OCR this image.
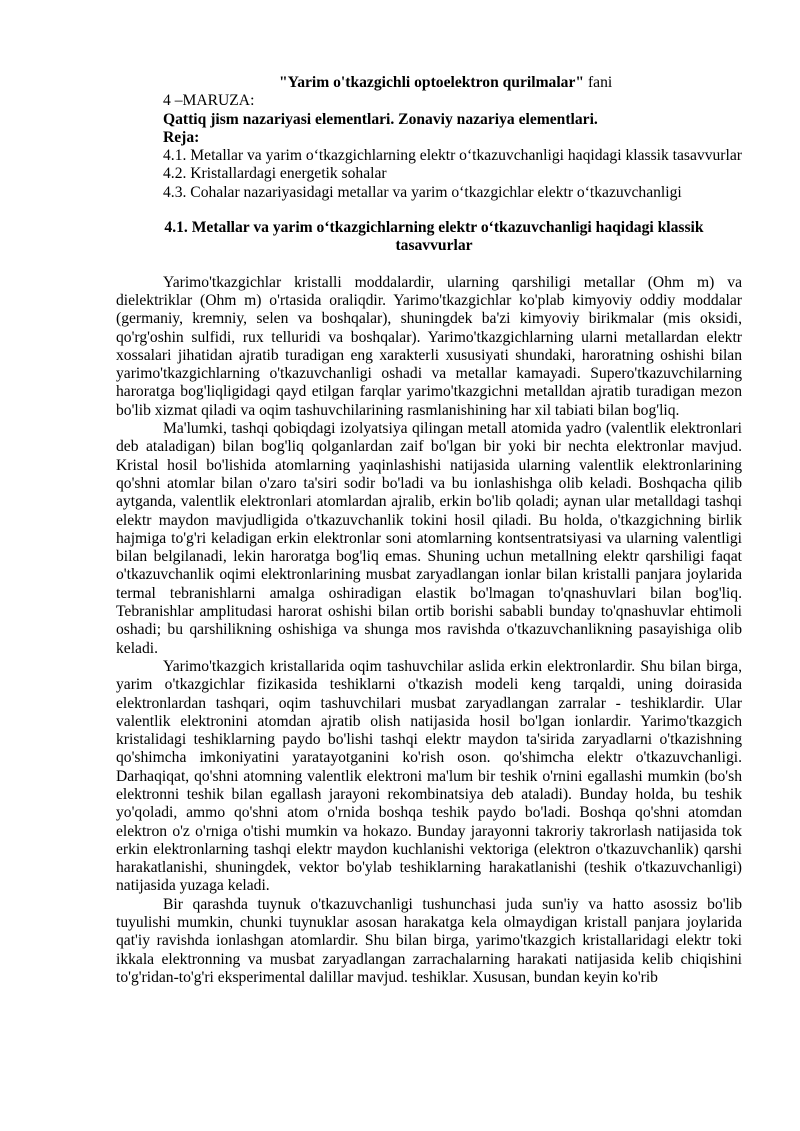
"Yarim o'tkazgichli optoelektron qurilmalar" fani

4 –MARUZA:

Qattiq jism nazariyasi elementlari. Zonaviy nazariya elementlari.

Reja:

4.1. Metallar va yarim o‘tkazgichlarning elektr o‘tkazuvchanligi haqidagi klassik tasavvurlar

4.2. Kristallardagi energetik sohalar

4.3. Cohalar nazariyasidagi metallar va yarim o‘tkazgichlar elektr o‘tkazuvchanligi

4.1. Metallar va yarim o‘tkazgichlarning elektr o‘tkazuvchanligi haqidagi klassik
tasavvurlar

Yarimo'tkazgichlar kristalli moddalardir, ularning qarshiligi metallar (Ohm m) va dielektriklar (Ohm m) o'rtasida oraliqdir. Yarimo'tkazgichlar ko'plab kimyoviy oddiy moddalar (germaniy, kremniy, selen va boshqalar), shuningdek ba'zi kimyoviy birikmalar (mis oksidi, qo'rg'oshin sulfidi, rux telluridi va boshqalar). Yarimo'tkazgichlarning ularni metallardan elektr xossalari jihatidan ajratib turadigan eng xarakterli xususiyati shundaki, haroratning oshishi bilan yarimo'tkazgichlarning o'tkazuvchanligi oshadi va metallar kamayadi. Supero'tkazuvchilarning haroratga bog'liqligidagi qayd etilgan farqlar yarimo'tkazgichni metalldan ajratib turadigan mezon bo'lib xizmat qiladi va oqim tashuvchilarining rasmlanishining har xil tabiati bilan bog'liq.

Ma'lumki, tashqi qobiqdagi izolyatsiya qilingan metall atomida yadro (valentlik elektronlari deb ataladigan) bilan bog'liq qolganlardan zaif bo'lgan bir yoki bir nechta elektronlar mavjud. Kristal hosil bo'lishida atomlarning yaqinlashishi natijasida ularning valentlik elektronlarining qo'shni atomlar bilan o'zaro ta'siri sodir bo'ladi va bu ionlashishga olib keladi. Boshqacha qilib aytganda, valentlik elektronlari atomlardan ajralib, erkin bo'lib qoladi; aynan ular metalldagi tashqi elektr maydon mavjudligida o'tkazuvchanlik tokini hosil qiladi. Bu holda, o'tkazgichning birlik hajmiga to'g'ri keladigan erkin elektronlar soni atomlarning kontsentratsiyasi va ularning valentligi bilan belgilanadi, lekin haroratga bog'liq emas. Shuning uchun metallning elektr qarshiligi faqat o'tkazuvchanlik oqimi elektronlarining musbat zaryadlangan ionlar bilan kristalli panjara joylarida termal tebranishlarni amalga oshiradigan elastik bo'lmagan to'qnashuvlari bilan bog'liq. Tebranishlar amplitudasi harorat oshishi bilan ortib borishi sababli bunday to'qnashuvlar ehtimoli oshadi; bu qarshilikning oshishiga va shunga mos ravishda o'tkazuvchanlikning pasayishiga olib keladi.

Yarimo'tkazgich kristallarida oqim tashuvchilar aslida erkin elektronlardir. Shu bilan birga, yarim o'tkazgichlar fizikasida teshiklarni o'tkazish modeli keng tarqaldi, uning doirasida elektronlardan tashqari, oqim tashuvchilari musbat zaryadlangan zarralar - teshiklardir. Ular valentlik elektronini atomdan ajratib olish natijasida hosil bo'lgan ionlardir. Yarimo'tkazgich kristalidagi teshiklarning paydo bo'lishi tashqi elektr maydon ta'sirida zaryadlarni o'tkazishning qo'shimcha imkoniyatini yaratayotganini ko'rish oson. qo'shimcha elektr o'tkazuvchanligi. Darhaqiqat, qo'shni atomning valentlik elektroni ma'lum bir teshik o'rnini egallashi mumkin (bo'sh elektronni teshik bilan egallash jarayoni rekombinatsiya deb ataladi). Bunday holda, bu teshik yo'qoladi, ammo qo'shni atom o'rnida boshqa teshik paydo bo'ladi. Boshqa qo'shni atomdan elektron o'z o'rniga o'tishi mumkin va hokazo. Bunday jarayonni takroriy takrorlash natijasida tok erkin elektronlarning tashqi elektr maydon kuchlanishi vektoriga (elektron o'tkazuvchanlik) qarshi harakatlanishi, shuningdek, vektor bo'ylab teshiklarning harakatlanishi (teshik o'tkazuvchanligi) natijasida yuzaga keladi.

Bir qarashda tuynuk o'tkazuvchanligi tushunchasi juda sun'iy va hatto asossiz bo'lib tuyulishi mumkin, chunki tuynuklar asosan harakatga kela olmaydigan kristall panjara joylarida qat'iy ravishda ionlashgan atomlardir. Shu bilan birga, yarimo'tkazgich kristallaridagi elektr toki ikkala elektronning va musbat zaryadlangan zarrachalarning harakati natijasida kelib chiqishini to'g'ridan-to'g'ri eksperimental dalillar mavjud. teshiklar. Xususan, bundan keyin ko'rib
